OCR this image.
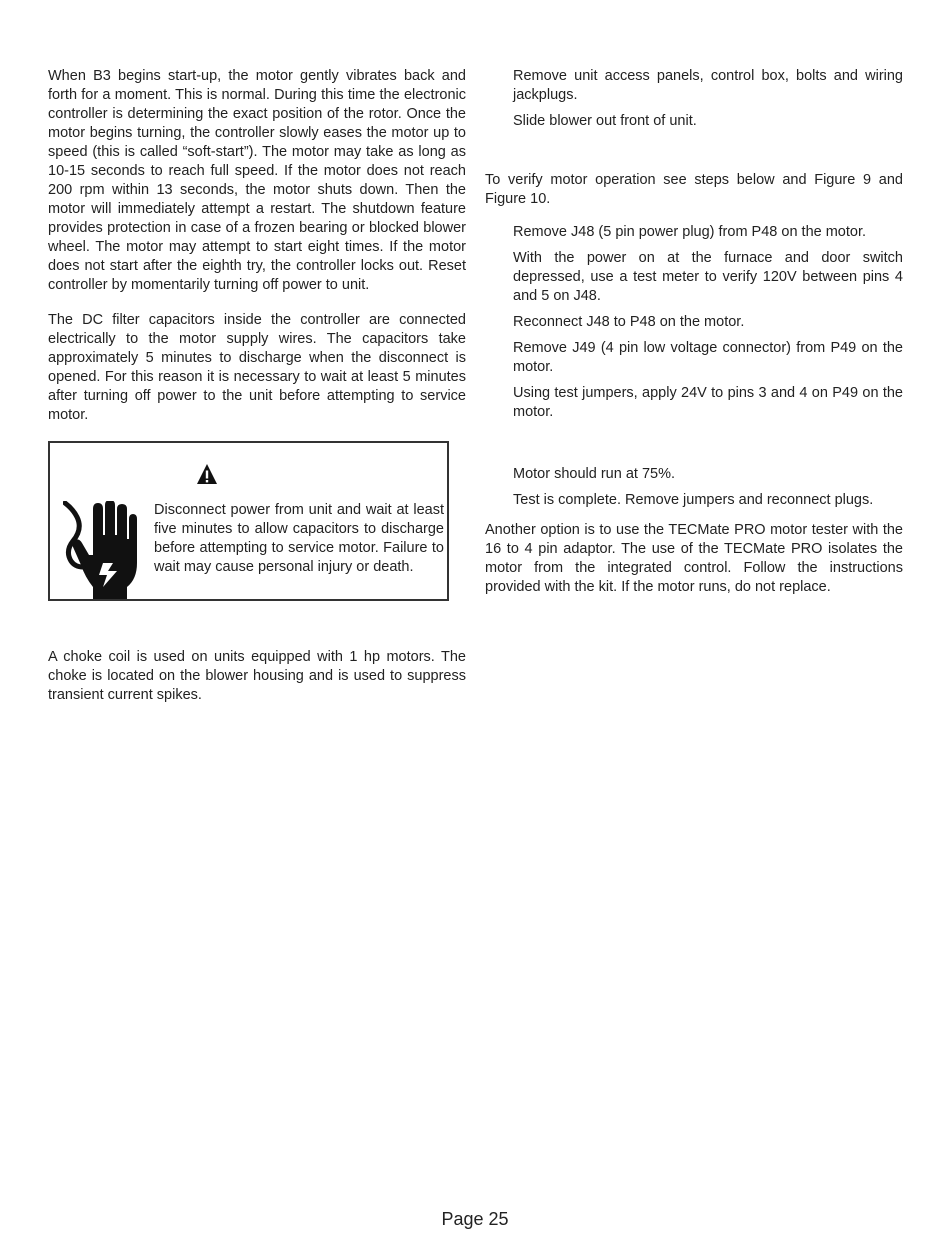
When B3 begins start-up, the motor gently vibrates back and forth for a moment. This is normal. During this time the electronic controller is determining the exact position of the rotor. Once the motor begins turning, the controller slowly eases the motor up to speed (this is called “soft-start”). The motor may take as long as 10-15 seconds to reach full speed. If the motor does not reach 200 rpm within 13 seconds, the motor shuts down. Then the motor will immediately attempt a restart. The shutdown feature provides protection in case of a frozen bearing or blocked blower wheel. The motor may attempt to start eight times. If the motor does not start after the eighth try, the controller locks out. Reset controller by momentarily turning off power to unit.

The DC filter capacitors inside the controller are connected electrically to the motor supply wires. The capacitors take approximately 5 minutes to discharge when the disconnect is opened. For this reason it is necessary to wait at least 5 minutes after turning off power to the unit before attempting to service motor.

Disconnect power from unit and wait at least five minutes to allow capacitors to discharge before attempting to service motor. Failure to wait may cause personal injury or death.

A choke coil is used on units equipped with 1 hp motors. The choke is located on the blower housing and is used to suppress transient current spikes.

Remove unit access panels, control box, bolts and wiring jackplugs.

Slide blower out front of unit.

To verify motor operation see steps below and Figure 9 and Figure 10.

Remove J48 (5 pin power plug) from P48 on the motor.

With the power on at the furnace and door switch depressed, use a test meter to verify 120V between pins 4 and 5 on J48.

Reconnect J48 to P48 on the motor.

Remove J49 (4 pin low voltage connector) from P49 on the motor.

Using test jumpers, apply 24V to pins 3 and 4 on P49 on the motor.

Motor should run at 75%.

Test is complete. Remove jumpers and reconnect plugs.

Another option is to use the TECMate PRO motor tester with the 16 to 4 pin adaptor. The use of the TECMate PRO isolates the motor from the integrated control. Follow the instructions provided with the kit. If the motor runs, do not replace.

Page 25
